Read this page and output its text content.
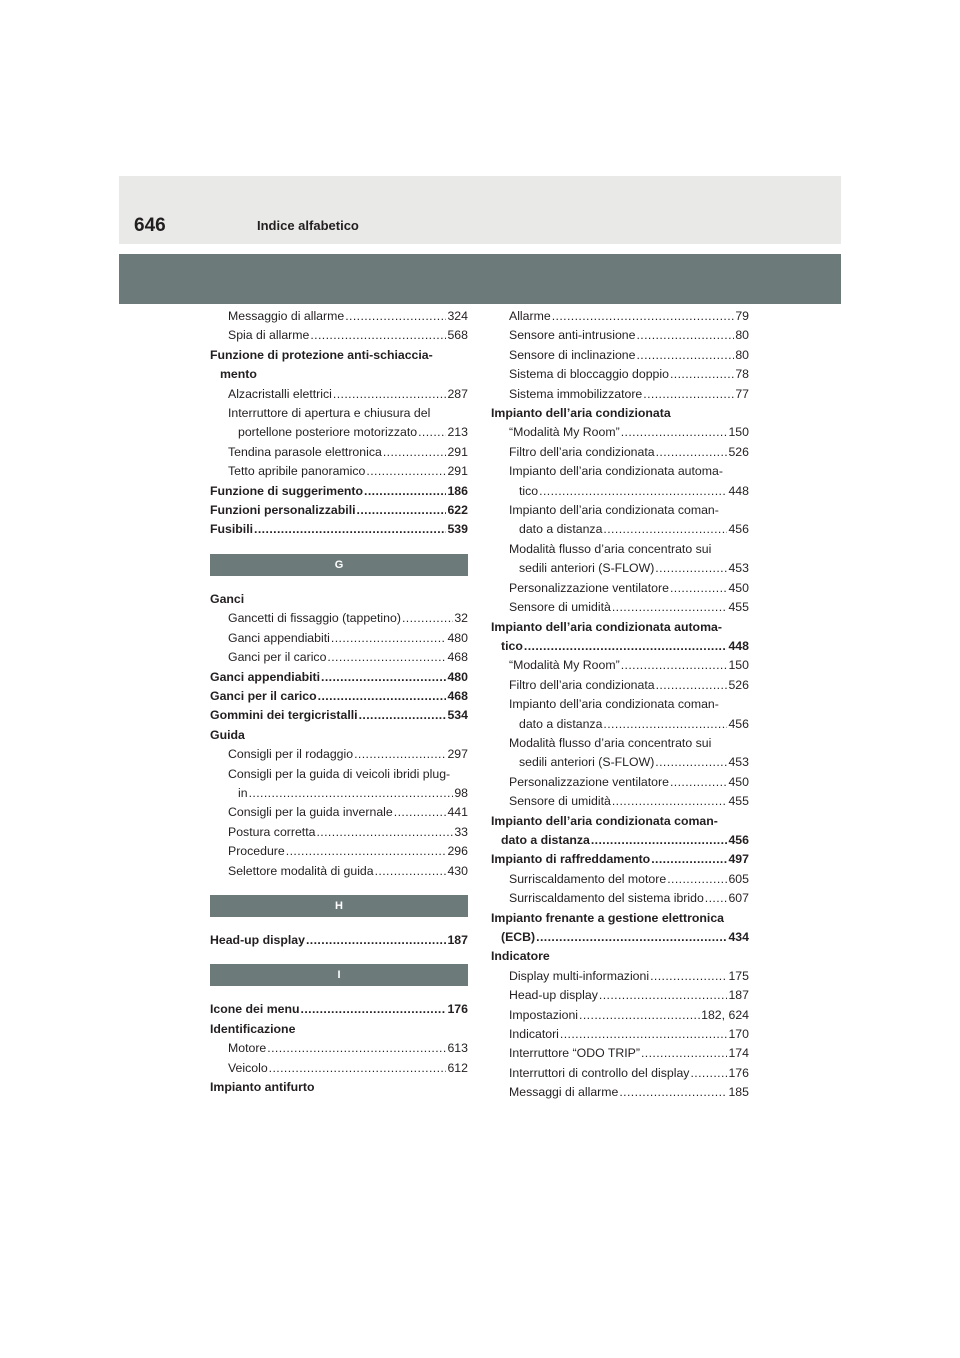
646	Indice alfabetico
Messaggio di allarme .....	324
Spia di allarme .....	568
Funzione di protezione anti-schiaccia-
mento
Alzacristalli elettrici .....	287
Interruttore di apertura e chiusura del
portellone posteriore motorizzato ..... 213
Tendina parasole elettronica .....	291
Tetto apribile panoramico .....	291
Funzione di suggerimento .....	186
Funzioni personalizzabili .....	622
Fusibili .....	539
G
Ganci
Gancetti di fissaggio (tappetino) .....	32
Ganci appendiabiti .....	480
Ganci per il carico .....	468
Ganci appendiabiti .....	480
Ganci per il carico .....	468
Gommini dei tergicristalli .....	534
Guida
Consigli per il rodaggio .....	297
Consigli per la guida di veicoli ibridi plug-
in .....	98
Consigli per la guida invernale .....	441
Postura corretta .....	33
Procedure .....	296
Selettore modalità di guida .....	430
H
Head-up display .....	187
I
Icone dei menu .....	176
Identificazione
Motore .....	613
Veicolo .....	612
Impianto antifurto
Allarme .....	79
Sensore anti-intrusione .....	80
Sensore di inclinazione .....	80
Sistema di bloccaggio doppio .....	78
Sistema immobilizzatore .....	77
Impianto dell’aria condizionata
“Modalità My Room” .....	150
Filtro dell’aria condizionata .....	526
Impianto dell’aria condizionata automa-
tico .....	448
Impianto dell’aria condizionata coman-
dato a distanza .....	456
Modalità flusso d’aria concentrato sui
sedili anteriori (S-FLOW) .....	453
Personalizzazione ventilatore .....	450
Sensore di umidità .....	455
Impianto dell’aria condizionata automa-
tico .....	448
“Modalità My Room” .....	150
Filtro dell’aria condizionata .....	526
Impianto dell’aria condizionata coman-
dato a distanza .....	456
Modalità flusso d’aria concentrato sui
sedili anteriori (S-FLOW) .....	453
Personalizzazione ventilatore .....	450
Sensore di umidità .....	455
Impianto dell’aria condizionata coman-
dato a distanza .....	456
Impianto di raffreddamento .....	497
Surriscaldamento del motore .....	605
Surriscaldamento del sistema ibrido ..... 607
Impianto frenante a gestione elettronica
(ECB) .....	434
Indicatore
Display multi-informazioni .....	175
Head-up display .....	187
Impostazioni .....	182, 624
Indicatori .....	170
Interruttore “ODO TRIP” .....	174
Interruttori di controllo del display .....	176
Messaggi di allarme .....	185
